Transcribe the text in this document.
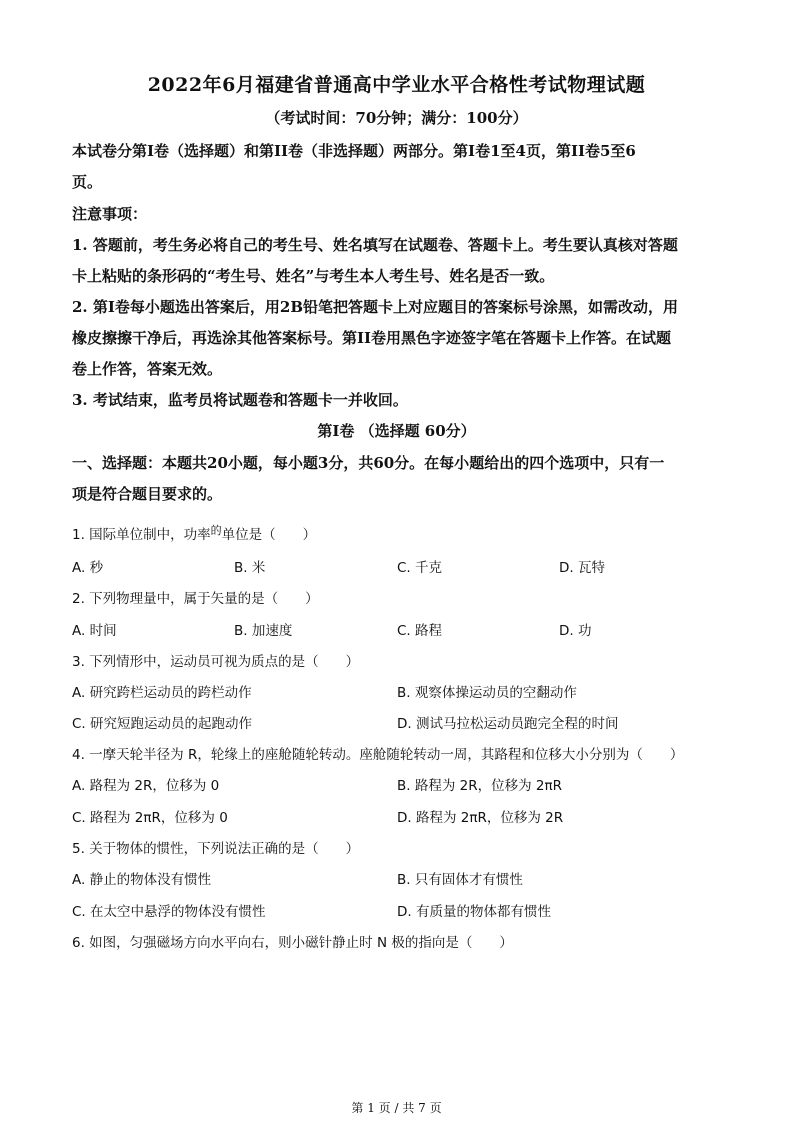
2022年6月福建省普通高中学业水平合格性考试物理试题
（考试时间：70分钟；满分：100分）
本试卷分第I卷（选择题）和第II卷（非选择题）两部分。第I卷1至4页，第II卷5至6
页。
注意事项：
1. 答题前，考生务必将自己的考生号、姓名填写在试题卷、答题卡上。考生要认真核对答题
卡上粘贴的条形码的“考生号、姓名”与考生本人考生号、姓名是否一致。
2. 第I卷每小题选出答案后，用2B铅笔把答题卡上对应题目的答案标号涂黑，如需改动，用
橡皮擦擦干净后，再选涂其他答案标号。第II卷用黑色字迹签字笔在答题卡上作答。在试题
卷上作答，答案无效。
3. 考试结束，监考员将试题卷和答题卡一并收回。
第I卷 （选择题 60分）
一、选择题：本题共20小题，每小题3分，共60分。在每小题给出的四个选项中，只有一
项是符合题目要求的。
1. 国际单位制中，功率$^的$单位是（　　）
A. 秒	B. 米	C. 千克	D. 瓦特
2. 下列物理量中，属于矢量的是（　　）
A. 时间	B. 加速度	C. 路程	D. 功
3. 下列情形中，运动员可视为质点的是（　　）
A. 研究跨栏运动员的跨栏动作	B. 观察体操运动员的空翻动作
C. 研究短跑运动员的起跑动作	D. 测试马拉松运动员跑完全程的时间
4. 一摩天轮半径为 R，轮缘上的座舱随轮转动。座舱随轮转动一周，其路程和位移大小分别为（　　）
A. 路程为 2R，位移为 0	B. 路程为 2R，位移为 2πR
C. 路程为 2πR，位移为 0	D. 路程为 2πR，位移为 2R
5. 关于物体的惯性，下列说法正确的是（　　）
A. 静止的物体没有惯性	B. 只有固体才有惯性
C. 在太空中悬浮的物体没有惯性	D. 有质量的物体都有惯性
6. 如图，匀强磁场方向水平向右，则小磁针静止时 N 极的指向是（　　）
第 1 页 / 共 7 页
